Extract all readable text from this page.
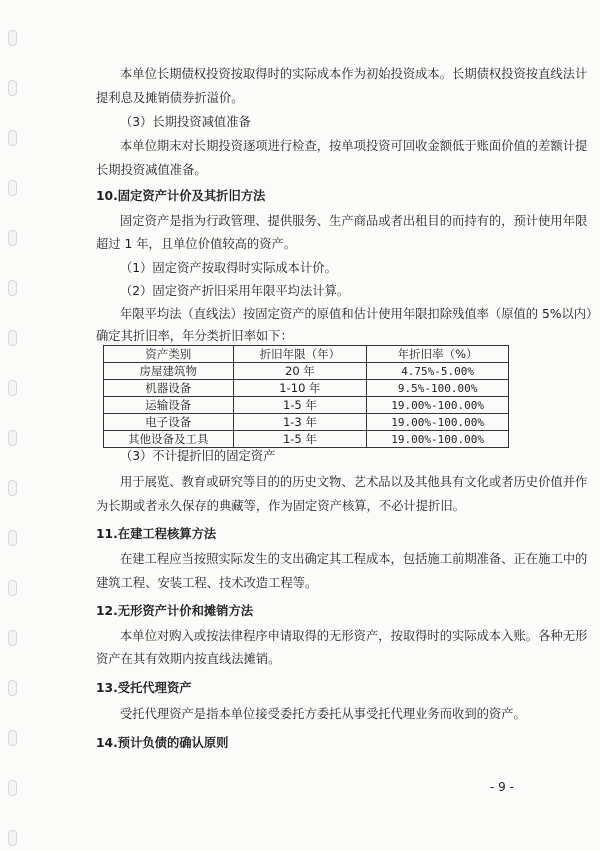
本单位长期债权投资按取得时的实际成本作为初始投资成本。长期债权投资按直线法计
提利息及摊销债券折溢价。
（3）长期投资减值准备
本单位期末对长期投资逐项进行检查，按单项投资可回收金额低于账面价值的差额计提
长期投资减值准备。
10.固定资产计价及其折旧方法
固定资产是指为行政管理、提供服务、生产商品或者出租目的而持有的，预计使用年限
超过 1 年，且单位价值较高的资产。
（1）固定资产按取得时实际成本计价。
（2）固定资产折旧采用年限平均法计算。
年限平均法（直线法）按固定资产的原值和估计使用年限扣除残值率（原值的 5%以内）
确定其折旧率，年分类折旧率如下：
资产类别	折旧年限（年）	年折旧率（%）
房屋建筑物	20 年	4.75%-5.00%
机器设备	1-10 年	9.5%-100.00%
运输设备	1-5 年	19.00%-100.00%
电子设备	1-3 年	19.00%-100.00%
其他设备及工具	1-5 年	19.00%-100.00%
（3）不计提折旧的固定资产
用于展览、教育或研究等目的的历史文物、艺术品以及其他具有文化或者历史价值并作
为长期或者永久保存的典藏等，作为固定资产核算，不必计提折旧。
11.在建工程核算方法
在建工程应当按照实际发生的支出确定其工程成本，包括施工前期准备、正在施工中的
建筑工程、安装工程、技术改造工程等。
12.无形资产计价和摊销方法
本单位对购入或按法律程序申请取得的无形资产，按取得时的实际成本入账。各种无形
资产在其有效期内按直线法摊销。
13.受托代理资产
受托代理资产是指本单位接受委托方委托从事受托代理业务而收到的资产。
14.预计负债的确认原则
- 9 -
